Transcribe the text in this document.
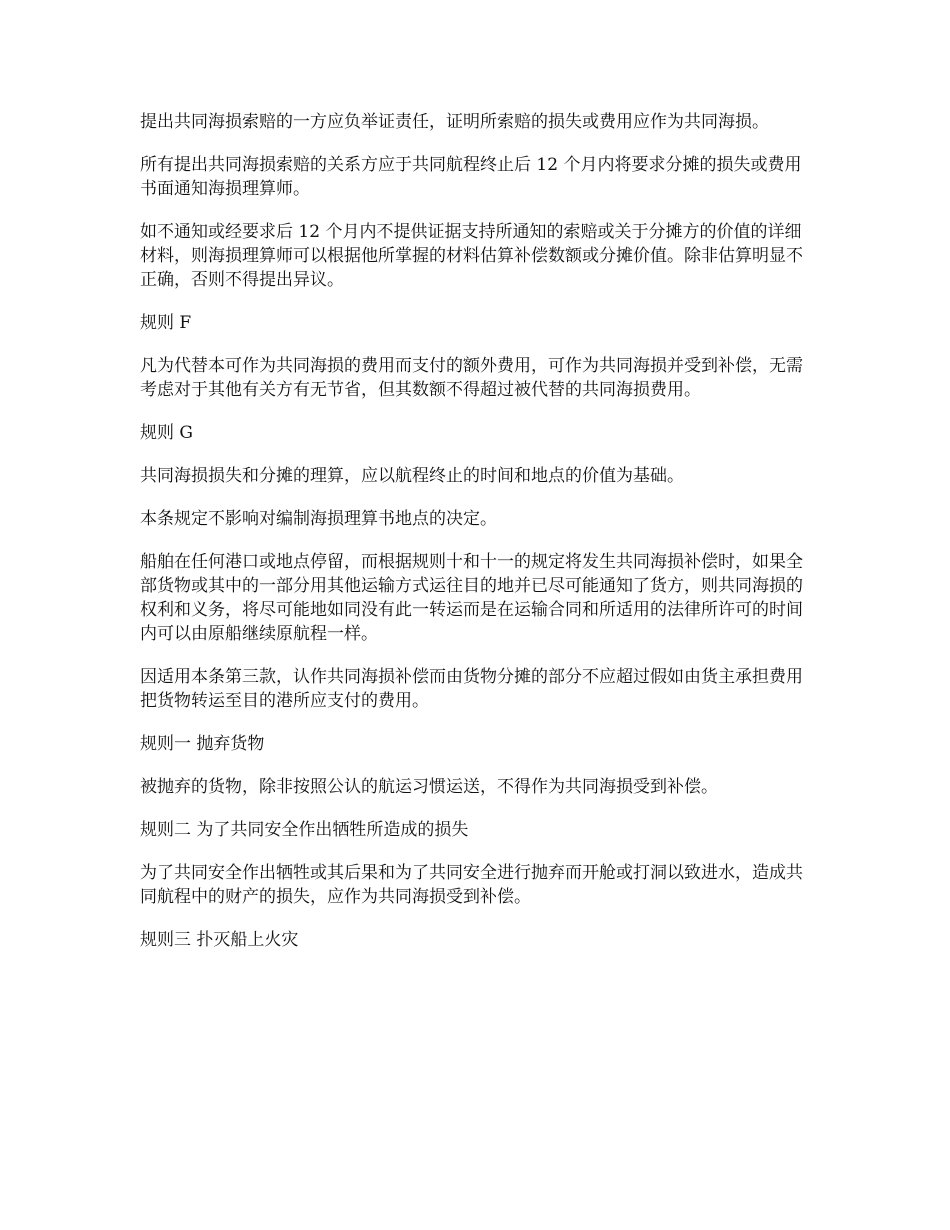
提出共同海损索赔的一方应负举证责任，证明所索赔的损失或费用应作为共同海损。

所有提出共同海损索赔的关系方应于共同航程终止后 12 个月内将要求分摊的损失或费用书面通知海损理算师。

如不通知或经要求后 12 个月内不提供证据支持所通知的索赔或关于分摊方的价值的详细材料，则海损理算师可以根据他所掌握的材料估算补偿数额或分摊价值。除非估算明显不正确，否则不得提出异议。

规则 F

凡为代替本可作为共同海损的费用而支付的额外费用，可作为共同海损并受到补偿，无需考虑对于其他有关方有无节省，但其数额不得超过被代替的共同海损费用。

规则 G

共同海损损失和分摊的理算，应以航程终止的时间和地点的价值为基础。

本条规定不影响对编制海损理算书地点的决定。

船舶在任何港口或地点停留，而根据规则十和十一的规定将发生共同海损补偿时，如果全部货物或其中的一部分用其他运输方式运往目的地并已尽可能通知了货方，则共同海损的权利和义务，将尽可能地如同没有此一转运而是在运输合同和所适用的法律所许可的时间内可以由原船继续原航程一样。

因适用本条第三款，认作共同海损补偿而由货物分摊的部分不应超过假如由货主承担费用把货物转运至目的港所应支付的费用。

规则一 抛弃货物

被抛弃的货物，除非按照公认的航运习惯运送，不得作为共同海损受到补偿。

规则二 为了共同安全作出牺牲所造成的损失

为了共同安全作出牺牲或其后果和为了共同安全进行抛弃而开舱或打洞以致进水，造成共同航程中的财产的损失，应作为共同海损受到补偿。

规则三 扑灭船上火灾
